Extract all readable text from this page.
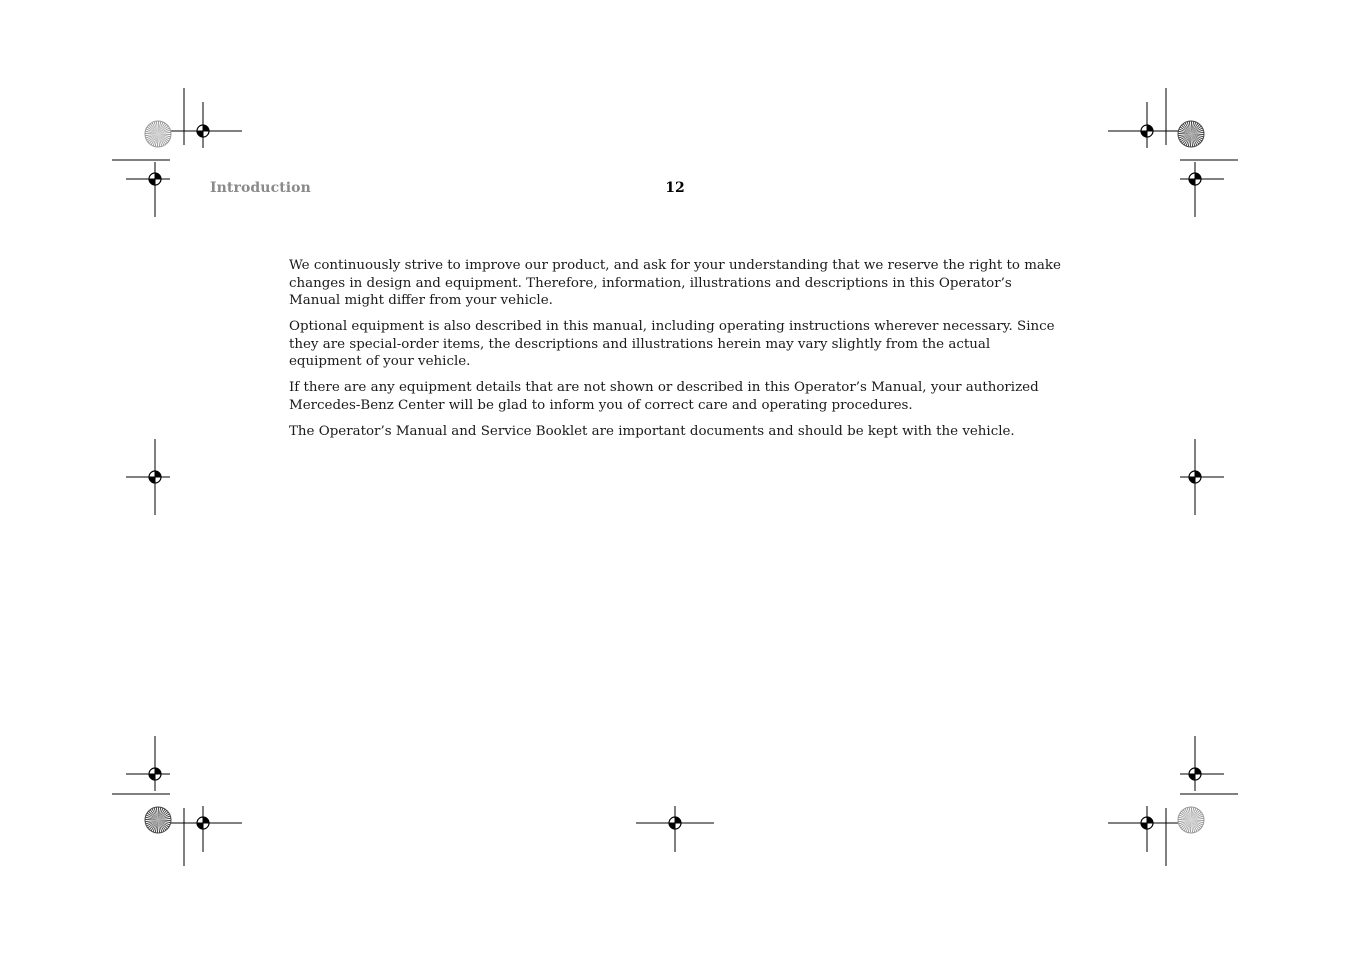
Introduction	12

We continuously strive to improve our product, and ask for your understanding that we reserve the right to make changes in design and equipment. Therefore, information, illustrations and descriptions in this Operator’s Manual might differ from your vehicle.

Optional equipment is also described in this manual, including operating instructions wherever necessary. Since they are special-order items, the descriptions and illustrations herein may vary slightly from the actual equipment of your vehicle.

If there are any equipment details that are not shown or described in this Operator’s Manual, your authorized Mercedes-Benz Center will be glad to inform you of correct care and operating procedures.

The Operator’s Manual and Service Booklet are important documents and should be kept with the vehicle.
